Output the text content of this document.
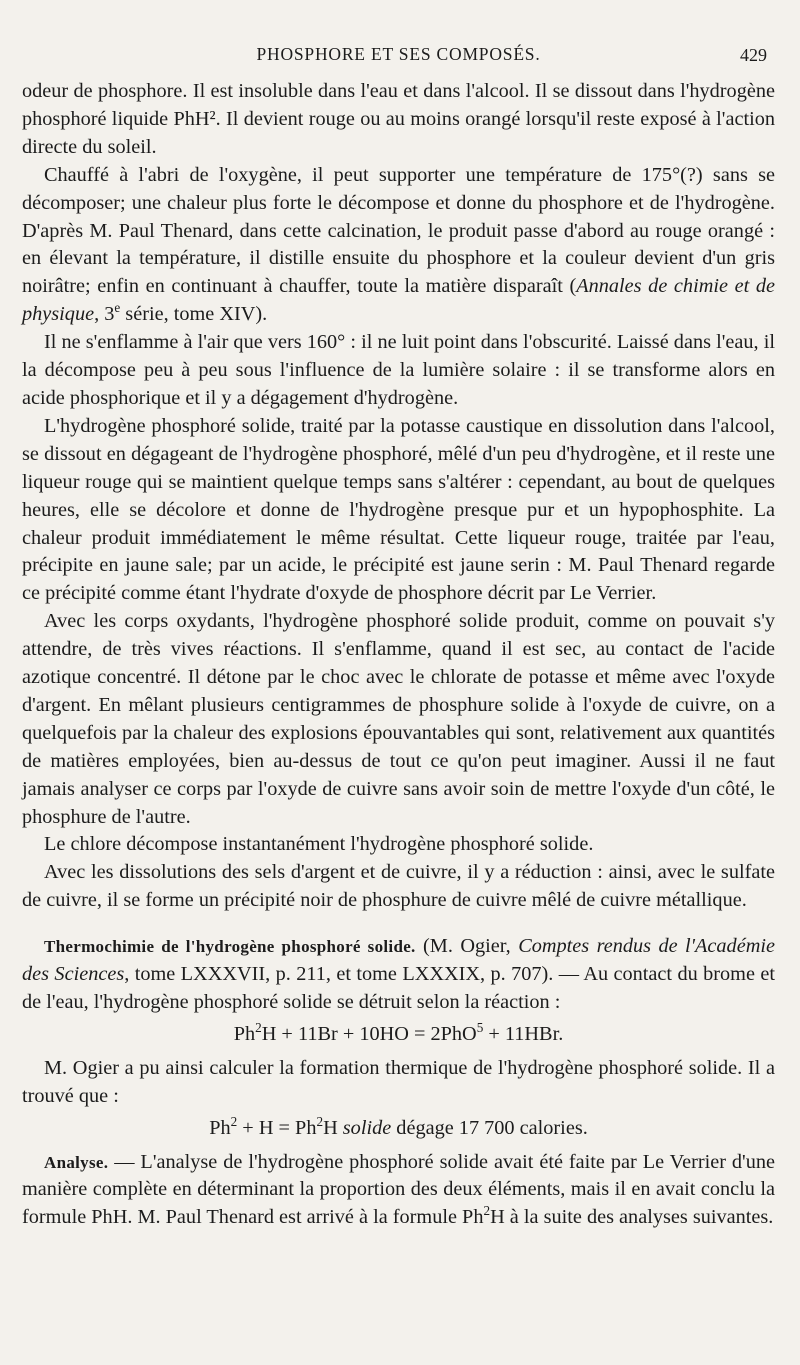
PHOSPHORE ET SES COMPOSÉS.	429

odeur de phosphore. Il est insoluble dans l'eau et dans l'alcool. Il se dissout dans l'hydrogène phosphoré liquide PhH². Il devient rouge ou au moins orangé lorsqu'il reste exposé à l'action directe du soleil.

Chauffé à l'abri de l'oxygène, il peut supporter une température de 175°(?) sans se décomposer; une chaleur plus forte le décompose et donne du phosphore et de l'hydrogène. D'après M. Paul Thenard, dans cette calcination, le produit passe d'abord au rouge orangé : en élevant la température, il distille ensuite du phosphore et la couleur devient d'un gris noirâtre; enfin en continuant à chauffer, toute la matière disparaît (Annales de chimie et de physique, 3e série, tome XIV).

Il ne s'enflamme à l'air que vers 160° : il ne luit point dans l'obscurité. Laissé dans l'eau, il la décompose peu à peu sous l'influence de la lumière solaire : il se transforme alors en acide phosphorique et il y a dégagement d'hydrogène.

L'hydrogène phosphoré solide, traité par la potasse caustique en dissolution dans l'alcool, se dissout en dégageant de l'hydrogène phosphoré, mêlé d'un peu d'hydrogène, et il reste une liqueur rouge qui se maintient quelque temps sans s'altérer : cependant, au bout de quelques heures, elle se décolore et donne de l'hydrogène presque pur et un hypophosphite. La chaleur produit immédiatement le même résultat. Cette liqueur rouge, traitée par l'eau, précipite en jaune sale; par un acide, le précipité est jaune serin : M. Paul Thenard regarde ce précipité comme étant l'hydrate d'oxyde de phosphore décrit par Le Verrier.

Avec les corps oxydants, l'hydrogène phosphoré solide produit, comme on pouvait s'y attendre, de très vives réactions. Il s'enflamme, quand il est sec, au contact de l'acide azotique concentré. Il détone par le choc avec le chlorate de potasse et même avec l'oxyde d'argent. En mêlant plusieurs centigrammes de phosphure solide à l'oxyde de cuivre, on a quelquefois par la chaleur des explosions épouvantables qui sont, relativement aux quantités de matières employées, bien au-dessus de tout ce qu'on peut imaginer. Aussi il ne faut jamais analyser ce corps par l'oxyde de cuivre sans avoir soin de mettre l'oxyde d'un côté, le phosphure de l'autre.

Le chlore décompose instantanément l'hydrogène phosphoré solide.

Avec les dissolutions des sels d'argent et de cuivre, il y a réduction : ainsi, avec le sulfate de cuivre, il se forme un précipité noir de phosphure de cuivre mêlé de cuivre métallique.

Thermochimie de l'hydrogène phosphoré solide. (M. Ogier, Comptes rendus de l'Académie des Sciences, tome LXXXVII, p. 211, et tome LXXXIX, p. 707). — Au contact du brome et de l'eau, l'hydrogène phosphoré solide se détruit selon la réaction :

$Ph^2H + 11Br + 10HO = 2PhO^5 + 11HBr$.

M. Ogier a pu ainsi calculer la formation thermique de l'hydrogène phosphoré solide. Il a trouvé que :

$Ph^2 + H = Ph^2H$ solide dégage 17 700 calories.

Analyse. — L'analyse de l'hydrogène phosphoré solide avait été faite par Le Verrier d'une manière complète en déterminant la proportion des deux éléments, mais il en avait conclu la formule PhH. M. Paul Thenard est arrivé à la formule Ph$^2$H à la suite des analyses suivantes.
